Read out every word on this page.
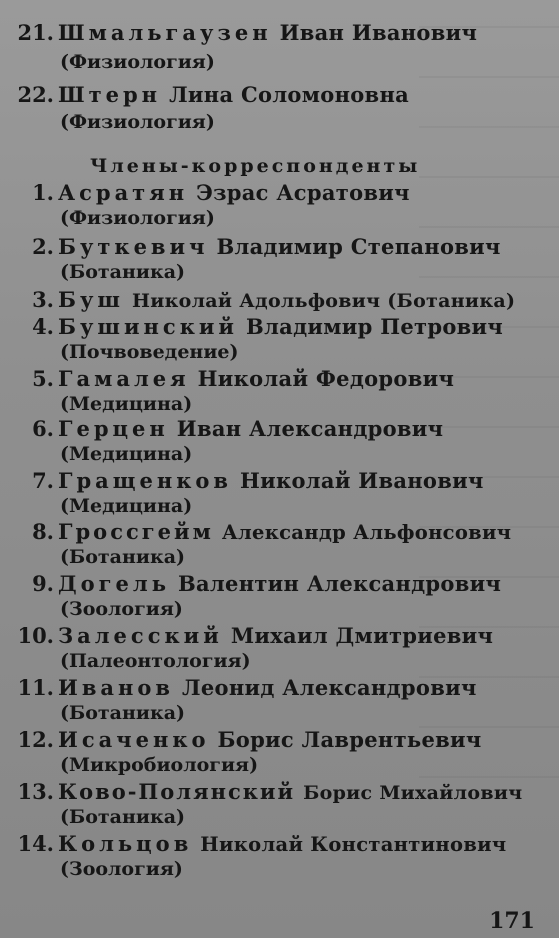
21. Шмальгаузен Иван Иванович
(Физиология)
22. Штерн Лина Соломоновна
(Физиология)
Члены-корреспонденты
1. Асратян Эзрас Асратович
(Физиология)
2. Буткевич Владимир Степанович
(Ботаника)
3. Буш Николай Адольфович (Ботаника)
4. Бушинский Владимир Петрович
(Почвоведение)
5. Гамалея Николай Федорович
(Медицина)
6. Герцен Иван Александрович
(Медицина)
7. Гращенков Николай Иванович
(Медицина)
8. Гроссгейм Александр Альфонсович
(Ботаника)
9. Догель Валентин Александрович
(Зоология)
10. Залесский Михаил Дмитриевич
(Палеонтология)
11. Иванов Леонид Александрович
(Ботаника)
12. Исаченко Борис Лаврентьевич
(Микробиология)
13. Ково-Полянский Борис Михайлович
(Ботаника)
14. Кольцов Николай Константинович
(Зоология)
171
